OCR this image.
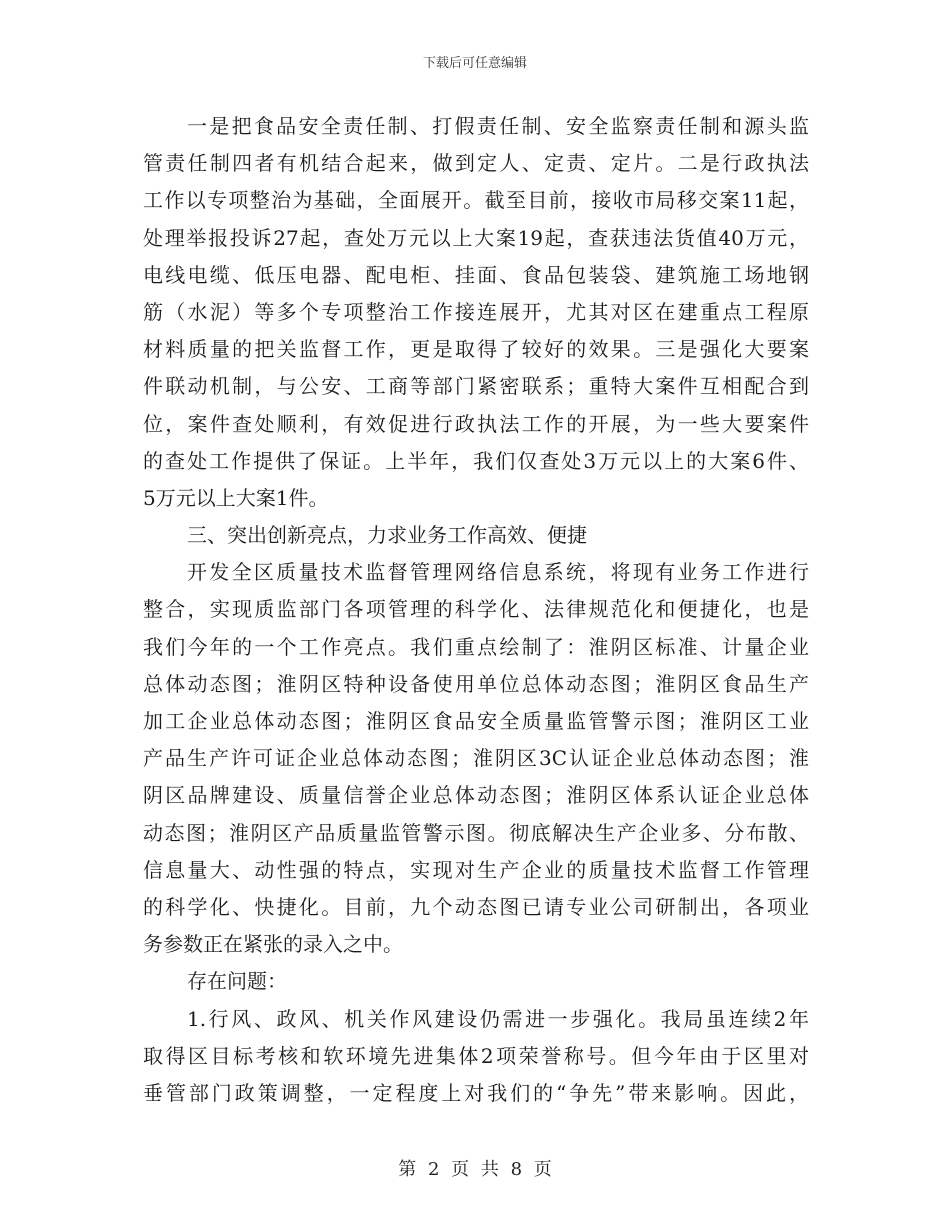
下载后可任意编辑
一是把食品安全责任制、打假责任制、安全监察责任制和源头监
管责任制四者有机结合起来，做到定人、定责、定片。二是行政执法
工作以专项整治为基础，全面展开。截至目前，接收市局移交案11起，
处理举报投诉27起，查处万元以上大案19起，查获违法货值40万元，
电线电缆、低压电器、配电柜、挂面、食品包装袋、建筑施工场地钢
筋（水泥）等多个专项整治工作接连展开，尤其对区在建重点工程原
材料质量的把关监督工作，更是取得了较好的效果。三是强化大要案
件联动机制，与公安、工商等部门紧密联系；重特大案件互相配合到
位，案件查处顺利，有效促进行政执法工作的开展，为一些大要案件
的查处工作提供了保证。上半年，我们仅查处3万元以上的大案6件、
5万元以上大案1件。
三、突出创新亮点，力求业务工作高效、便捷
开发全区质量技术监督管理网络信息系统，将现有业务工作进行
整合，实现质监部门各项管理的科学化、法律规范化和便捷化，也是
我们今年的一个工作亮点。我们重点绘制了：淮阴区标准、计量企业
总体动态图；淮阴区特种设备使用单位总体动态图；淮阴区食品生产
加工企业总体动态图；淮阴区食品安全质量监管警示图；淮阴区工业
产品生产许可证企业总体动态图；淮阴区3C认证企业总体动态图；淮
阴区品牌建设、质量信誉企业总体动态图；淮阴区体系认证企业总体
动态图；淮阴区产品质量监管警示图。彻底解决生产企业多、分布散、
信息量大、动性强的特点，实现对生产企业的质量技术监督工作管理
的科学化、快捷化。目前，九个动态图已请专业公司研制出，各项业
务参数正在紧张的录入之中。
存在问题：
1.行风、政风、机关作风建设仍需进一步强化。我局虽连续2年
取得区目标考核和软环境先进集体2项荣誉称号。但今年由于区里对
垂管部门政策调整，一定程度上对我们的“争先”带来影响。因此，
第 2 页 共 8 页
